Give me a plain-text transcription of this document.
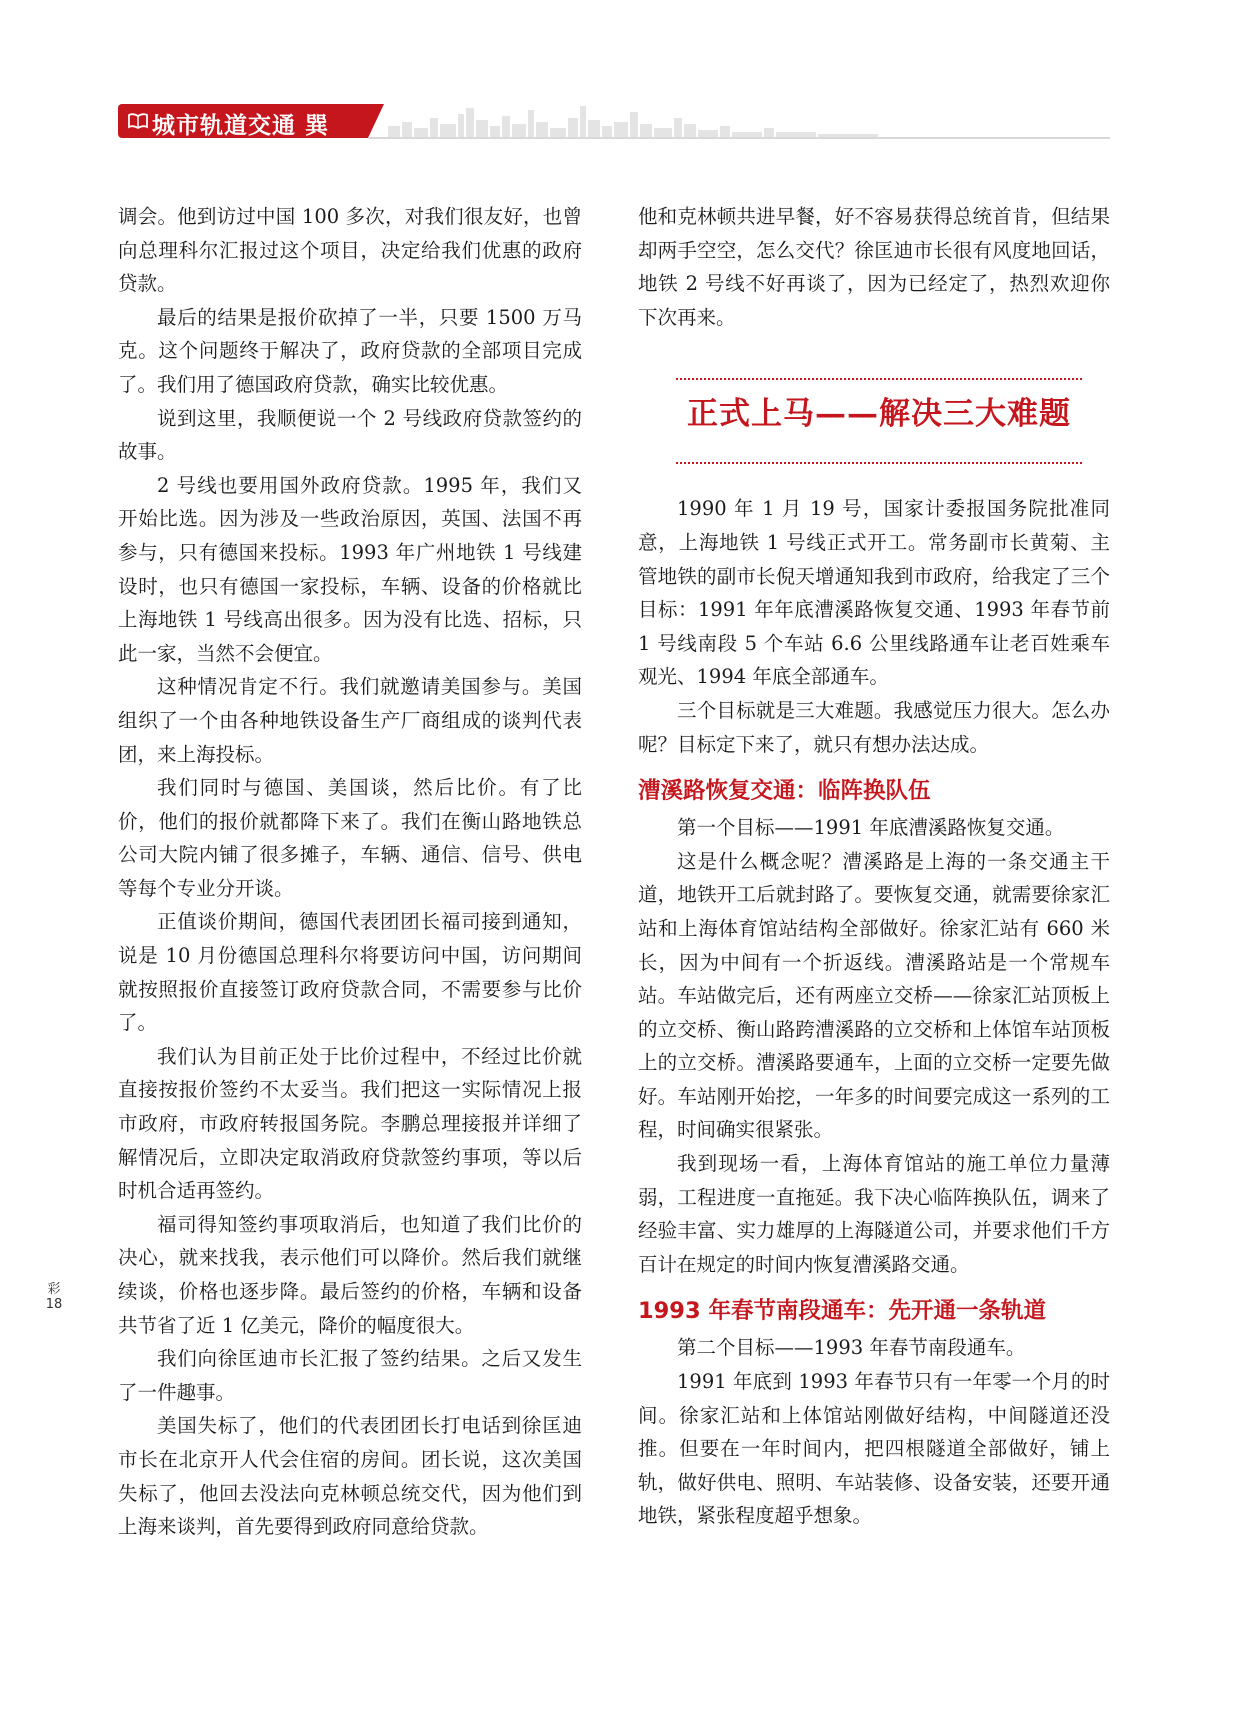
城市轨道交通 巽

调会。他到访过中国 100 多次，对我们很友好，也曾向总理科尔汇报过这个项目，决定给我们优惠的政府贷款。

最后的结果是报价砍掉了一半，只要 1500 万马克。这个问题终于解决了，政府贷款的全部项目完成了。我们用了德国政府贷款，确实比较优惠。

说到这里，我顺便说一个 2 号线政府贷款签约的故事。

2 号线也要用国外政府贷款。1995 年，我们又开始比选。因为涉及一些政治原因，英国、法国不再参与，只有德国来投标。1993 年广州地铁 1 号线建设时，也只有德国一家投标，车辆、设备的价格就比上海地铁 1 号线高出很多。因为没有比选、招标，只此一家，当然不会便宜。

这种情况肯定不行。我们就邀请美国参与。美国组织了一个由各种地铁设备生产厂商组成的谈判代表团，来上海投标。

我们同时与德国、美国谈，然后比价。有了比价，他们的报价就都降下来了。我们在衡山路地铁总公司大院内铺了很多摊子，车辆、通信、信号、供电等每个专业分开谈。

正值谈价期间，德国代表团团长福司接到通知，说是 10 月份德国总理科尔将要访问中国，访问期间就按照报价直接签订政府贷款合同，不需要参与比价了。

我们认为目前正处于比价过程中，不经过比价就直接按报价签约不太妥当。我们把这一实际情况上报市政府，市政府转报国务院。李鹏总理接报并详细了解情况后，立即决定取消政府贷款签约事项，等以后时机合适再签约。

福司得知签约事项取消后，也知道了我们比价的决心，就来找我，表示他们可以降价。然后我们就继续谈，价格也逐步降。最后签约的价格，车辆和设备共节省了近 1 亿美元，降价的幅度很大。

我们向徐匡迪市长汇报了签约结果。之后又发生了一件趣事。

美国失标了，他们的代表团团长打电话到徐匡迪市长在北京开人代会住宿的房间。团长说，这次美国失标了，他回去没法向克林顿总统交代，因为他们到上海来谈判，首先要得到政府同意给贷款。

他和克林顿共进早餐，好不容易获得总统首肯，但结果却两手空空，怎么交代？徐匡迪市长很有风度地回话，地铁 2 号线不好再谈了，因为已经定了，热烈欢迎你下次再来。

正式上马——解决三大难题

1990 年 1 月 19 号，国家计委报国务院批准同意，上海地铁 1 号线正式开工。常务副市长黄菊、主管地铁的副市长倪天增通知我到市政府，给我定了三个目标：1991 年年底漕溪路恢复交通、1993 年春节前 1 号线南段 5 个车站 6.6 公里线路通车让老百姓乘车观光、1994 年底全部通车。

三个目标就是三大难题。我感觉压力很大。怎么办呢？目标定下来了，就只有想办法达成。

漕溪路恢复交通：临阵换队伍

第一个目标——1991 年底漕溪路恢复交通。

这是什么概念呢？漕溪路是上海的一条交通主干道，地铁开工后就封路了。要恢复交通，就需要徐家汇站和上海体育馆站结构全部做好。徐家汇站有 660 米长，因为中间有一个折返线。漕溪路站是一个常规车站。车站做完后，还有两座立交桥——徐家汇站顶板上的立交桥、衡山路跨漕溪路的立交桥和上体馆车站顶板上的立交桥。漕溪路要通车，上面的立交桥一定要先做好。车站刚开始挖，一年多的时间要完成这一系列的工程，时间确实很紧张。

我到现场一看，上海体育馆站的施工单位力量薄弱，工程进度一直拖延。我下决心临阵换队伍，调来了经验丰富、实力雄厚的上海隧道公司，并要求他们千方百计在规定的时间内恢复漕溪路交通。

1993 年春节南段通车：先开通一条轨道

第二个目标——1993 年春节南段通车。

1991 年底到 1993 年春节只有一年零一个月的时间。徐家汇站和上体馆站刚做好结构，中间隧道还没推。但要在一年时间内，把四根隧道全部做好，铺上轨，做好供电、照明、车站装修、设备安装，还要开通地铁，紧张程度超乎想象。

彩
18
